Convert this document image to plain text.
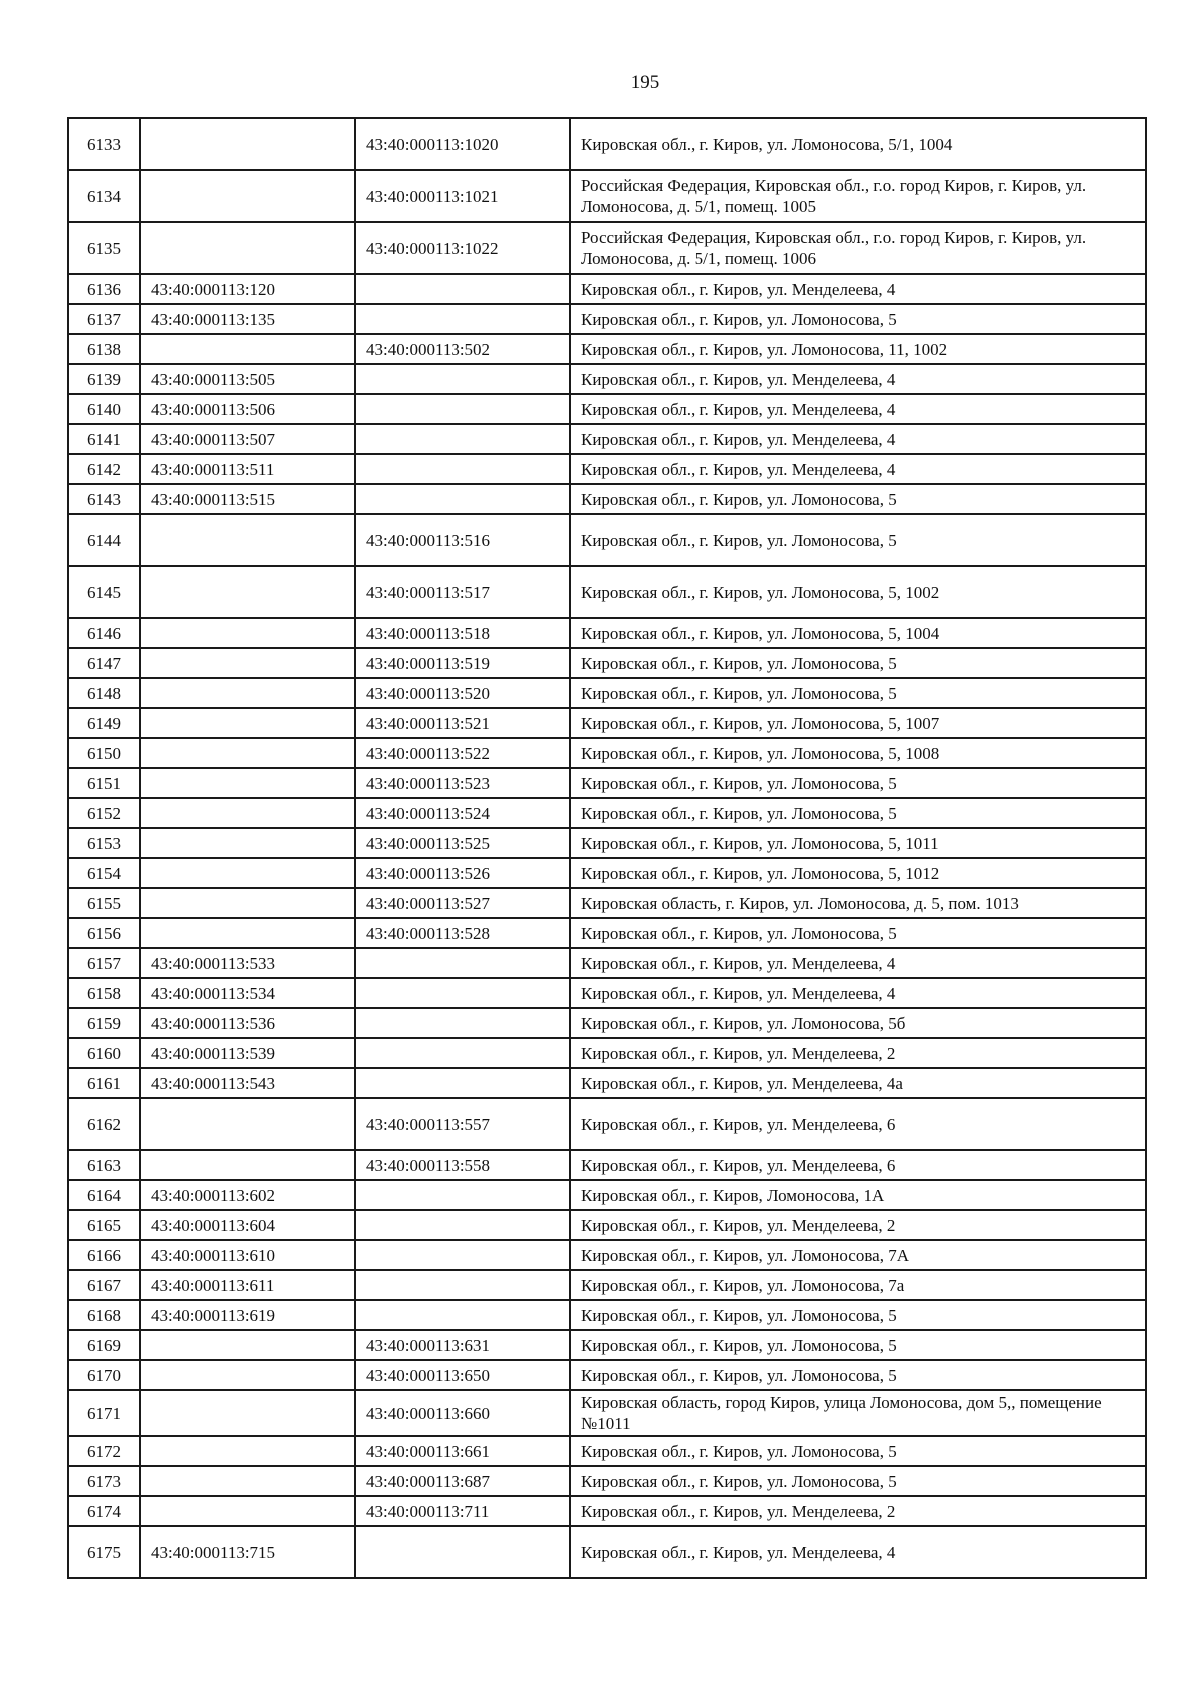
195
6133		43:40:000113:1020	Кировская обл., г. Киров, ул. Ломоносова, 5/1, 1004
6134		43:40:000113:1021	Российская Федерация, Кировская обл., г.о. город Киров, г. Киров, ул. Ломоносова, д. 5/1, помещ. 1005
6135		43:40:000113:1022	Российская Федерация, Кировская обл., г.о. город Киров, г. Киров, ул. Ломоносова, д. 5/1, помещ. 1006
6136	43:40:000113:120		Кировская обл., г. Киров, ул. Менделеева, 4
6137	43:40:000113:135		Кировская обл., г. Киров, ул. Ломоносова, 5
6138		43:40:000113:502	Кировская обл., г. Киров, ул. Ломоносова, 11, 1002
6139	43:40:000113:505		Кировская обл., г. Киров, ул. Менделеева, 4
6140	43:40:000113:506		Кировская обл., г. Киров, ул. Менделеева, 4
6141	43:40:000113:507		Кировская обл., г. Киров, ул. Менделеева, 4
6142	43:40:000113:511		Кировская обл., г. Киров, ул. Менделеева, 4
6143	43:40:000113:515		Кировская обл., г. Киров, ул. Ломоносова, 5
6144		43:40:000113:516	Кировская обл., г. Киров, ул. Ломоносова, 5
6145		43:40:000113:517	Кировская обл., г. Киров, ул. Ломоносова, 5, 1002
6146		43:40:000113:518	Кировская обл., г. Киров, ул. Ломоносова, 5, 1004
6147		43:40:000113:519	Кировская обл., г. Киров, ул. Ломоносова, 5
6148		43:40:000113:520	Кировская обл., г. Киров, ул. Ломоносова, 5
6149		43:40:000113:521	Кировская обл., г. Киров, ул. Ломоносова, 5, 1007
6150		43:40:000113:522	Кировская обл., г. Киров, ул. Ломоносова, 5, 1008
6151		43:40:000113:523	Кировская обл., г. Киров, ул. Ломоносова, 5
6152		43:40:000113:524	Кировская обл., г. Киров, ул. Ломоносова, 5
6153		43:40:000113:525	Кировская обл., г. Киров, ул. Ломоносова, 5, 1011
6154		43:40:000113:526	Кировская обл., г. Киров, ул. Ломоносова, 5, 1012
6155		43:40:000113:527	Кировская область, г. Киров, ул. Ломоносова, д. 5, пом. 1013
6156		43:40:000113:528	Кировская обл., г. Киров, ул. Ломоносова, 5
6157	43:40:000113:533		Кировская обл., г. Киров, ул. Менделеева, 4
6158	43:40:000113:534		Кировская обл., г. Киров, ул. Менделеева, 4
6159	43:40:000113:536		Кировская обл., г. Киров, ул. Ломоносова, 5б
6160	43:40:000113:539		Кировская обл., г. Киров, ул. Менделеева, 2
6161	43:40:000113:543		Кировская обл., г. Киров, ул. Менделеева, 4а
6162		43:40:000113:557	Кировская обл., г. Киров, ул. Менделеева, 6
6163		43:40:000113:558	Кировская обл., г. Киров, ул. Менделеева, 6
6164	43:40:000113:602		Кировская обл., г. Киров, Ломоносова, 1А
6165	43:40:000113:604		Кировская обл., г. Киров, ул. Менделеева, 2
6166	43:40:000113:610		Кировская обл., г. Киров, ул. Ломоносова, 7А
6167	43:40:000113:611		Кировская обл., г. Киров, ул. Ломоносова, 7а
6168	43:40:000113:619		Кировская обл., г. Киров, ул. Ломоносова, 5
6169		43:40:000113:631	Кировская обл., г. Киров, ул. Ломоносова, 5
6170		43:40:000113:650	Кировская обл., г. Киров, ул. Ломоносова, 5
6171		43:40:000113:660	Кировская область, город Киров, улица Ломоносова, дом 5,, помещение №1011
6172		43:40:000113:661	Кировская обл., г. Киров, ул. Ломоносова, 5
6173		43:40:000113:687	Кировская обл., г. Киров, ул. Ломоносова, 5
6174		43:40:000113:711	Кировская обл., г. Киров, ул. Менделеева, 2
6175	43:40:000113:715		Кировская обл., г. Киров, ул. Менделеева, 4
